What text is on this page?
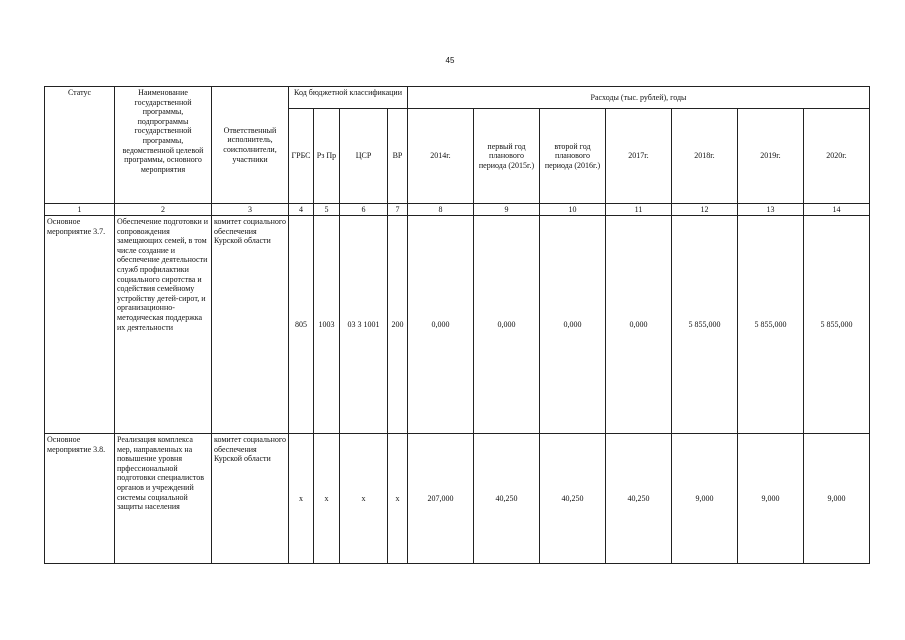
45
Статус	Наименование государственной программы, подпрограммы государственной программы, ведомственной целевой программы, основного мероприятия	Ответственный исполнитель, соисполнители, участники	Код бюджетной классификации				Расходы (тыс. рублей), годы						
			ГРБС	Рз Пр	ЦСР	ВР	2014г.	первый год планового периода (2015г.)	второй год планового периода (2016г.)	2017г.	2018г.	2019г.	2020г.
1	2	3	4	5	6	7	8	9	10	11	12	13	14
Основное мероприятие 3.7.	Обеспечение подготовки и сопровождения замещающих семей, в том числе создание и обеспечение деятельности служб профилактики социального сиротства и содействия семейному устройству детей-сирот, и организационно-методическая поддержка их деятельности	комитет социального обеспечения Курской области	805	1003	03 3 1001	200	0,000	0,000	0,000	0,000	5 855,000	5 855,000	5 855,000
Основное мероприятие 3.8.	Реализация комплекса мер, направленных на повышение уровня прфессиональной подготовки специалистов органов и учреждений системы социальной защиты населения	комитет социального обеспечения Курской области	х	х	х	х	207,000	40,250	40,250	40,250	9,000	9,000	9,000
